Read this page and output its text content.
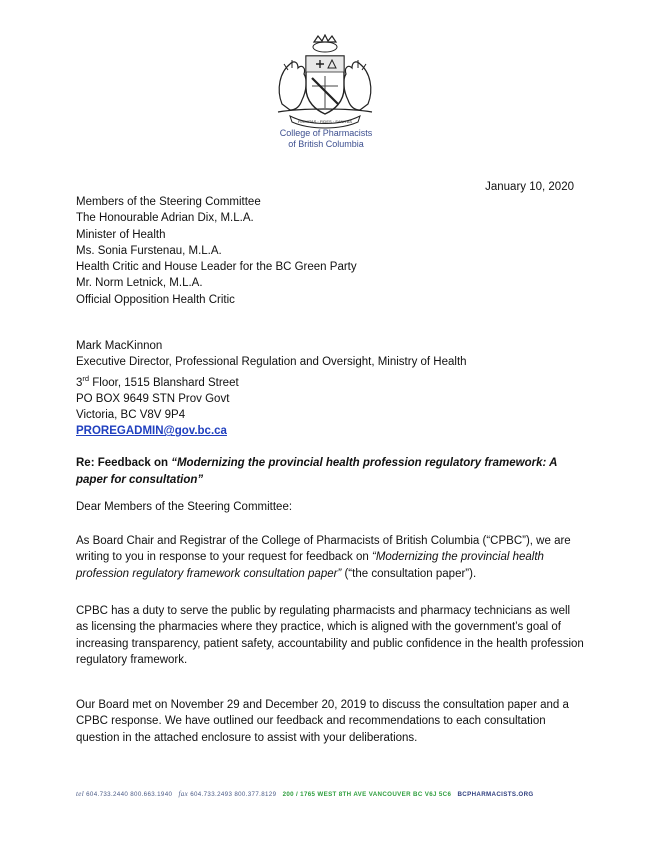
FIRMITAS · FIDES · SANITAS
College of Pharmacists
of British Columbia
January 10, 2020
Members of the Steering Committee
The Honourable Adrian Dix, M.L.A.
Minister of Health
Ms. Sonia Furstenau, M.L.A.
Health Critic and House Leader for the BC Green Party
Mr. Norm Letnick, M.L.A.
Official Opposition Health Critic
Mark MacKinnon
Executive Director, Professional Regulation and Oversight, Ministry of Health
3rd Floor, 1515 Blanshard Street
PO BOX 9649 STN Prov Govt
Victoria, BC V8V 9P4
PROREGADMIN@gov.bc.ca
Re: Feedback on “Modernizing the provincial health profession regulatory framework: A paper for consultation”
Dear Members of the Steering Committee:
As Board Chair and Registrar of the College of Pharmacists of British Columbia (“CPBC”), we are writing to you in response to your request for feedback on “Modernizing the provincial health profession regulatory framework consultation paper” (“the consultation paper”).
CPBC has a duty to serve the public by regulating pharmacists and pharmacy technicians as well as licensing the pharmacies where they practice, which is aligned with the government’s goal of increasing transparency, patient safety, accountability and public confidence in the health profession regulatory framework.
Our Board met on November 29 and December 20, 2019 to discuss the consultation paper and a CPBC response. We have outlined our feedback and recommendations to each consultation question in the attached enclosure to assist with your deliberations.
tel 604.733.2440 800.663.1940 fax 604.733.2493 800.377.8129 200 / 1765 WEST 8TH AVE VANCOUVER BC V6J 5C6 BCPHARMACISTS.ORG
